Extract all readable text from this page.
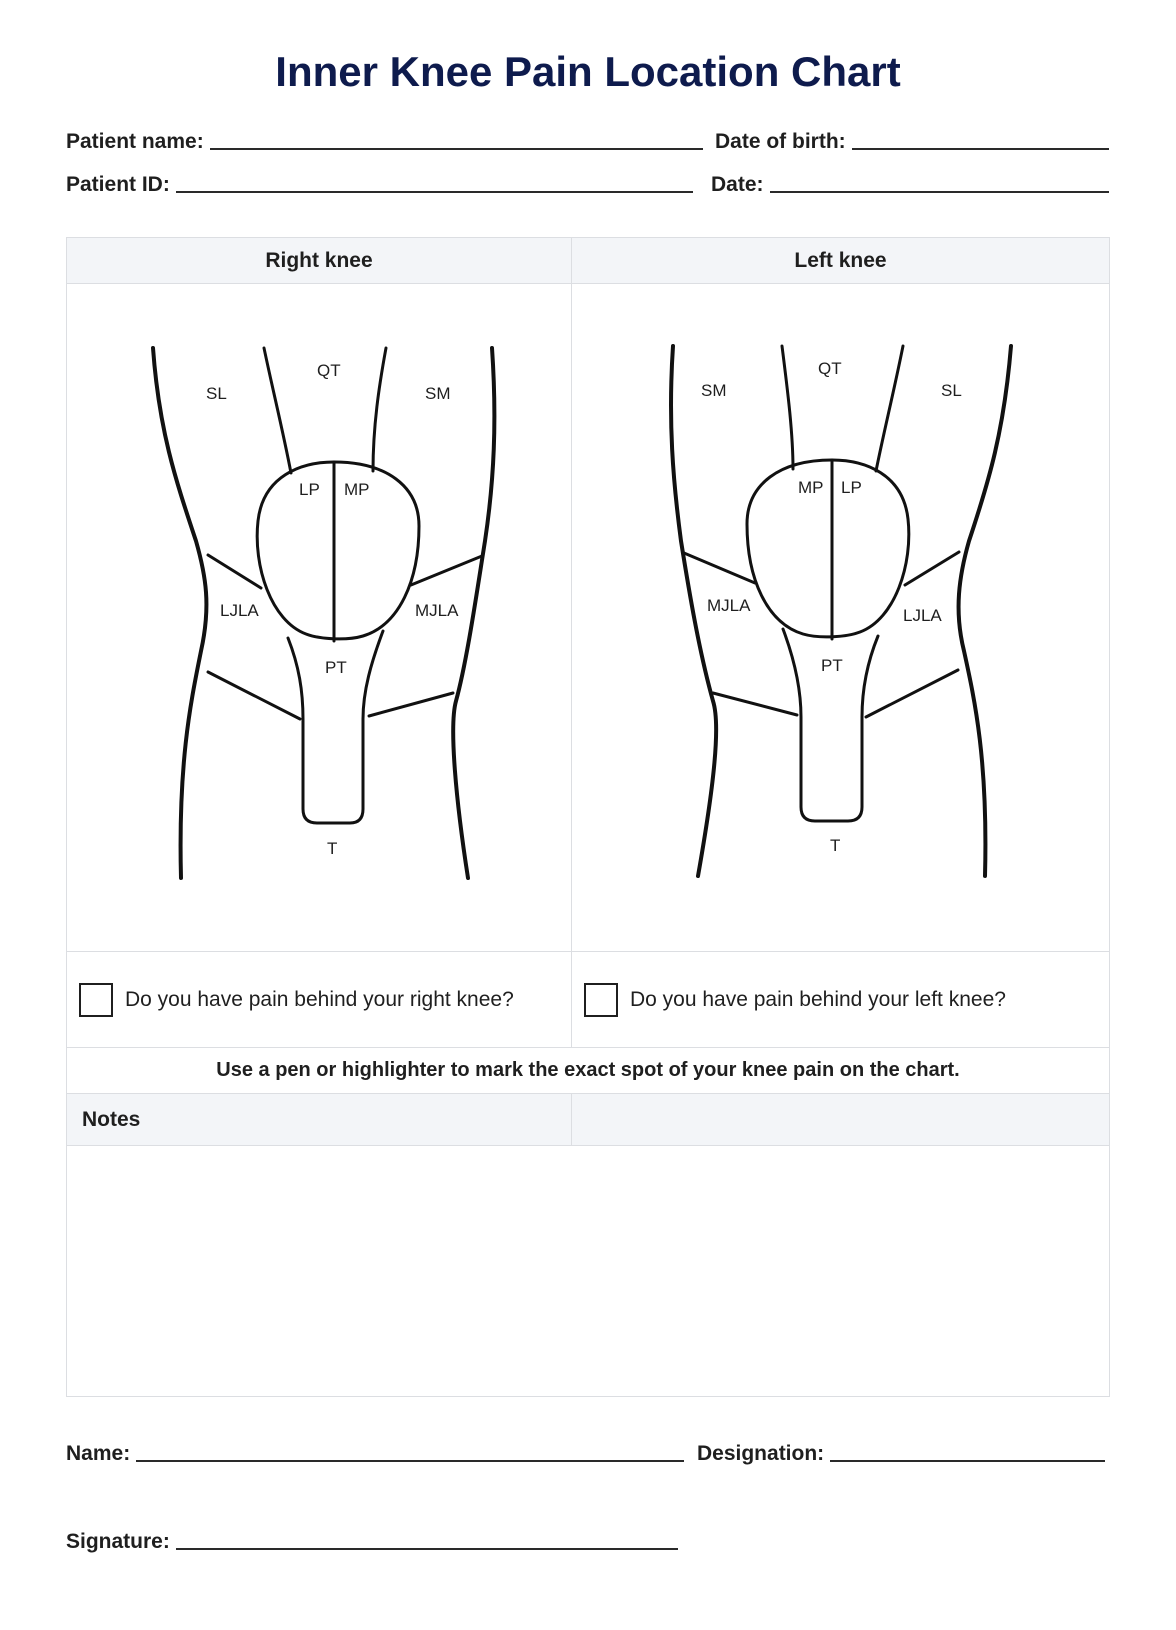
Inner Knee Pain Location Chart
Patient name:	Date of birth:
Patient ID:	Date:
Right knee	Left knee
SL
QT
SM
LP MP
LJLA	MJLA
PT
T
SM
QT
SL
MP LP
MJLA
LJLA
PT
T
Do you have pain behind your right knee?	Do you have pain behind your left knee?
Use a pen or highlighter to mark the exact spot of your knee pain on the chart.
Notes
Name:	Designation:
Signature:
